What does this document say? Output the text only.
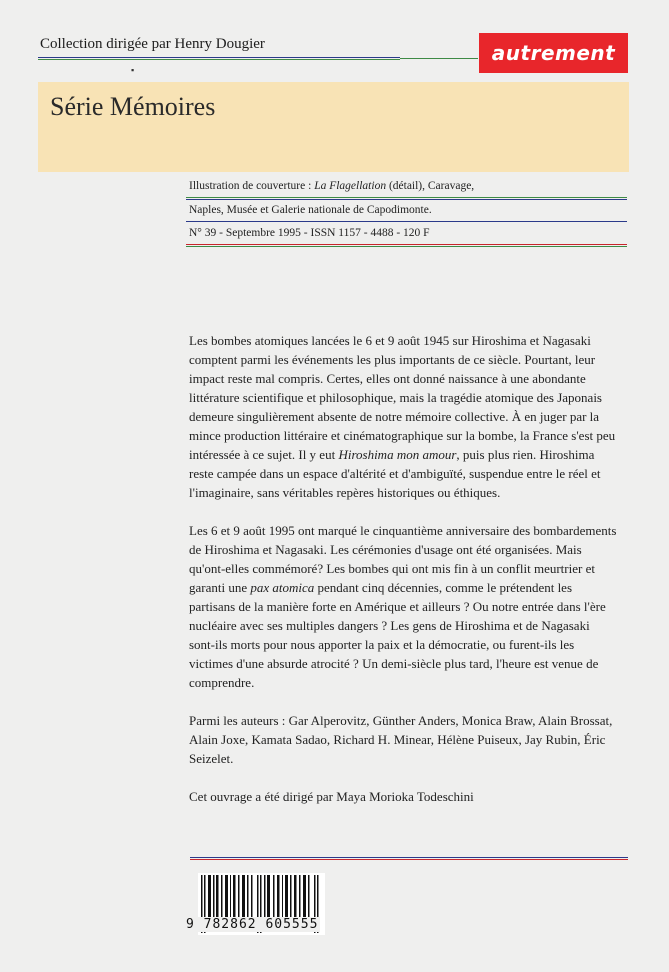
Collection dirigée par Henry Dougier	autrement
▪
Série Mémoires
Illustration de couverture : La Flagellation (détail), Caravage,
Naples, Musée et Galerie nationale de Capodimonte.
N° 39 - Septembre 1995 - ISSN 1157 - 4488 - 120 F

Les bombes atomiques lancées le 6 et 9 août 1945 sur Hiroshima et Nagasaki comptent parmi les événements les plus importants de ce siècle. Pourtant, leur impact reste mal compris. Certes, elles ont donné naissance à une abondante littérature scientifique et philosophique, mais la tragédie atomique des Japonais demeure singulièrement absente de notre mémoire collective. À en juger par la mince production littéraire et cinématographique sur la bombe, la France s'est peu intéressée à ce sujet. Il y eut Hiroshima mon amour, puis plus rien. Hiroshima reste campée dans un espace d'altérité et d'ambiguïté, suspendue entre le réel et l'imaginaire, sans véritables repères historiques ou éthiques.

Les 6 et 9 août 1995 ont marqué le cinquantième anniversaire des bombardements de Hiroshima et Nagasaki. Les cérémonies d'usage ont été organisées. Mais qu'ont-elles commémoré? Les bombes qui ont mis fin à un conflit meurtrier et garanti une pax atomica pendant cinq décennies, comme le prétendent les partisans de la manière forte en Amérique et ailleurs ? Ou notre entrée dans l'ère nucléaire avec ses multiples dangers ? Les gens de Hiroshima et de Nagasaki sont-ils morts pour nous apporter la paix et la démocratie, ou furent-ils les victimes d'une absurde atrocité ? Un demi-siècle plus tard, l'heure est venue de comprendre.

Parmi les auteurs : Gar Alperovitz, Günther Anders, Monica Braw, Alain Brossat, Alain Joxe, Kamata Sadao, Richard H. Minear, Hélène Puiseux, Jay Rubin, Éric Seizelet.

Cet ouvrage a été dirigé par Maya Morioka Todeschini

9 782862 605555
